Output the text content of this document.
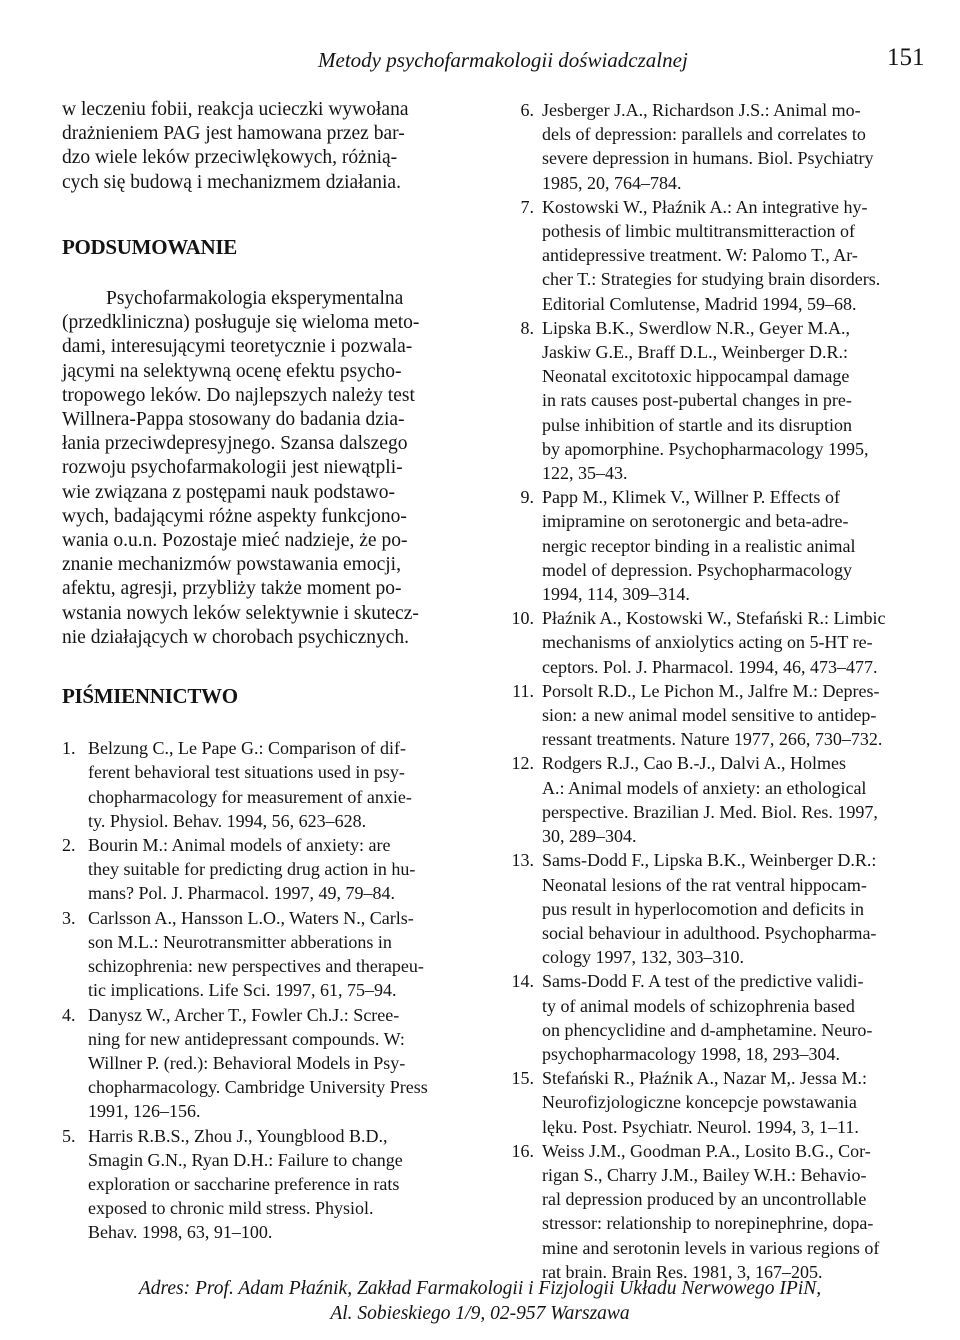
Metody psychofarmakologii doświadczalnej	151

w leczeniu fobii, reakcja ucieczki wywołana
drażnieniem PAG jest hamowana przez bar-
dzo wiele leków przeciwlękowych, różnią-
cych się budową i mechanizmem działania.

PODSUMOWANIE

Psychofarmakologia eksperymentalna
(przedkliniczna) posługuje się wieloma meto-
dami, interesującymi teoretycznie i pozwala-
jącymi na selektywną ocenę efektu psycho-
tropowego leków. Do najlepszych należy test
Willnera-Pappa stosowany do badania dzia-
łania przeciwdepresyjnego. Szansa dalszego
rozwoju psychofarmakologii jest niewątpli-
wie związana z postępami nauk podstawo-
wych, badającymi różne aspekty funkcjono-
wania o.u.n. Pozostaje mieć nadzieje, że po-
znanie mechanizmów powstawania emocji,
afektu, agresji, przybliży także moment po-
wstania nowych leków selektywnie i skutecz-
nie działających w chorobach psychicznych.

PIŚMIENNICTWO
1. Belzung C., Le Pape G.: Comparison of dif-
ferent behavioral test situations used in psy-
chopharmacology for measurement of anxie-
ty. Physiol. Behav. 1994, 56, 623–628.
2. Bourin M.: Animal models of anxiety: are
they suitable for predicting drug action in hu-
mans? Pol. J. Pharmacol. 1997, 49, 79–84.
3. Carlsson A., Hansson L.O., Waters N., Carls-
son M.L.: Neurotransmitter abberations in
schizophrenia: new perspectives and therapeu-
tic implications. Life Sci. 1997, 61, 75–94.
4. Danysz W., Archer T., Fowler Ch.J.: Scree-
ning for new antidepressant compounds. W:
Willner P. (red.): Behavioral Models in Psy-
chopharmacology. Cambridge University Press
1991, 126–156.
5. Harris R.B.S., Zhou J., Youngblood B.D.,
Smagin G.N., Ryan D.H.: Failure to change
exploration or saccharine preference in rats
exposed to chronic mild stress. Physiol.
Behav. 1998, 63, 91–100.
6. Jesberger J.A., Richardson J.S.: Animal mo-
dels of depression: parallels and correlates to
severe depression in humans. Biol. Psychiatry
1985, 20, 764–784.
7. Kostowski W., Płaźnik A.: An integrative hy-
pothesis of limbic multitransmitteraction of
antidepressive treatment. W: Palomo T., Ar-
cher T.: Strategies for studying brain disorders.
Editorial Comlutense, Madrid 1994, 59–68.
8. Lipska B.K., Swerdlow N.R., Geyer M.A.,
Jaskiw G.E., Braff D.L., Weinberger D.R.:
Neonatal excitotoxic hippocampal damage
in rats causes post-pubertal changes in pre-
pulse inhibition of startle and its disruption
by apomorphine. Psychopharmacology 1995,
122, 35–43.
9. Papp M., Klimek V., Willner P. Effects of
imipramine on serotonergic and beta-adre-
nergic receptor binding in a realistic animal
model of depression. Psychopharmacology
1994, 114, 309–314.
10. Płaźnik A., Kostowski W., Stefański R.: Limbic
mechanisms of anxiolytics acting on 5-HT re-
ceptors. Pol. J. Pharmacol. 1994, 46, 473–477.
11. Porsolt R.D., Le Pichon M., Jalfre M.: Depres-
sion: a new animal model sensitive to antidep-
ressant treatments. Nature 1977, 266, 730–732.
12. Rodgers R.J., Cao B.-J., Dalvi A., Holmes
A.: Animal models of anxiety: an ethological
perspective. Brazilian J. Med. Biol. Res. 1997,
30, 289–304.
13. Sams-Dodd F., Lipska B.K., Weinberger D.R.:
Neonatal lesions of the rat ventral hippocam-
pus result in hyperlocomotion and deficits in
social behaviour in adulthood. Psychopharma-
cology 1997, 132, 303–310.
14. Sams-Dodd F. A test of the predictive validi-
ty of animal models of schizophrenia based
on phencyclidine and d-amphetamine. Neuro-
psychopharmacology 1998, 18, 293–304.
15. Stefański R., Płaźnik A., Nazar M,. Jessa M.:
Neurofizjologiczne koncepcje powstawania
lęku. Post. Psychiatr. Neurol. 1994, 3, 1–11.
16. Weiss J.M., Goodman P.A., Losito B.G., Cor-
rigan S., Charry J.M., Bailey W.H.: Behavio-
ral depression produced by an uncontrollable
stressor: relationship to norepinephrine, dopa-
mine and serotonin levels in various regions of
rat brain. Brain Res. 1981, 3, 167–205.
Adres: Prof. Adam Płaźnik, Zakład Farmakologii i Fizjologii Układu Nerwowego IPiN,
Al. Sobieskiego 1/9, 02-957 Warszawa
